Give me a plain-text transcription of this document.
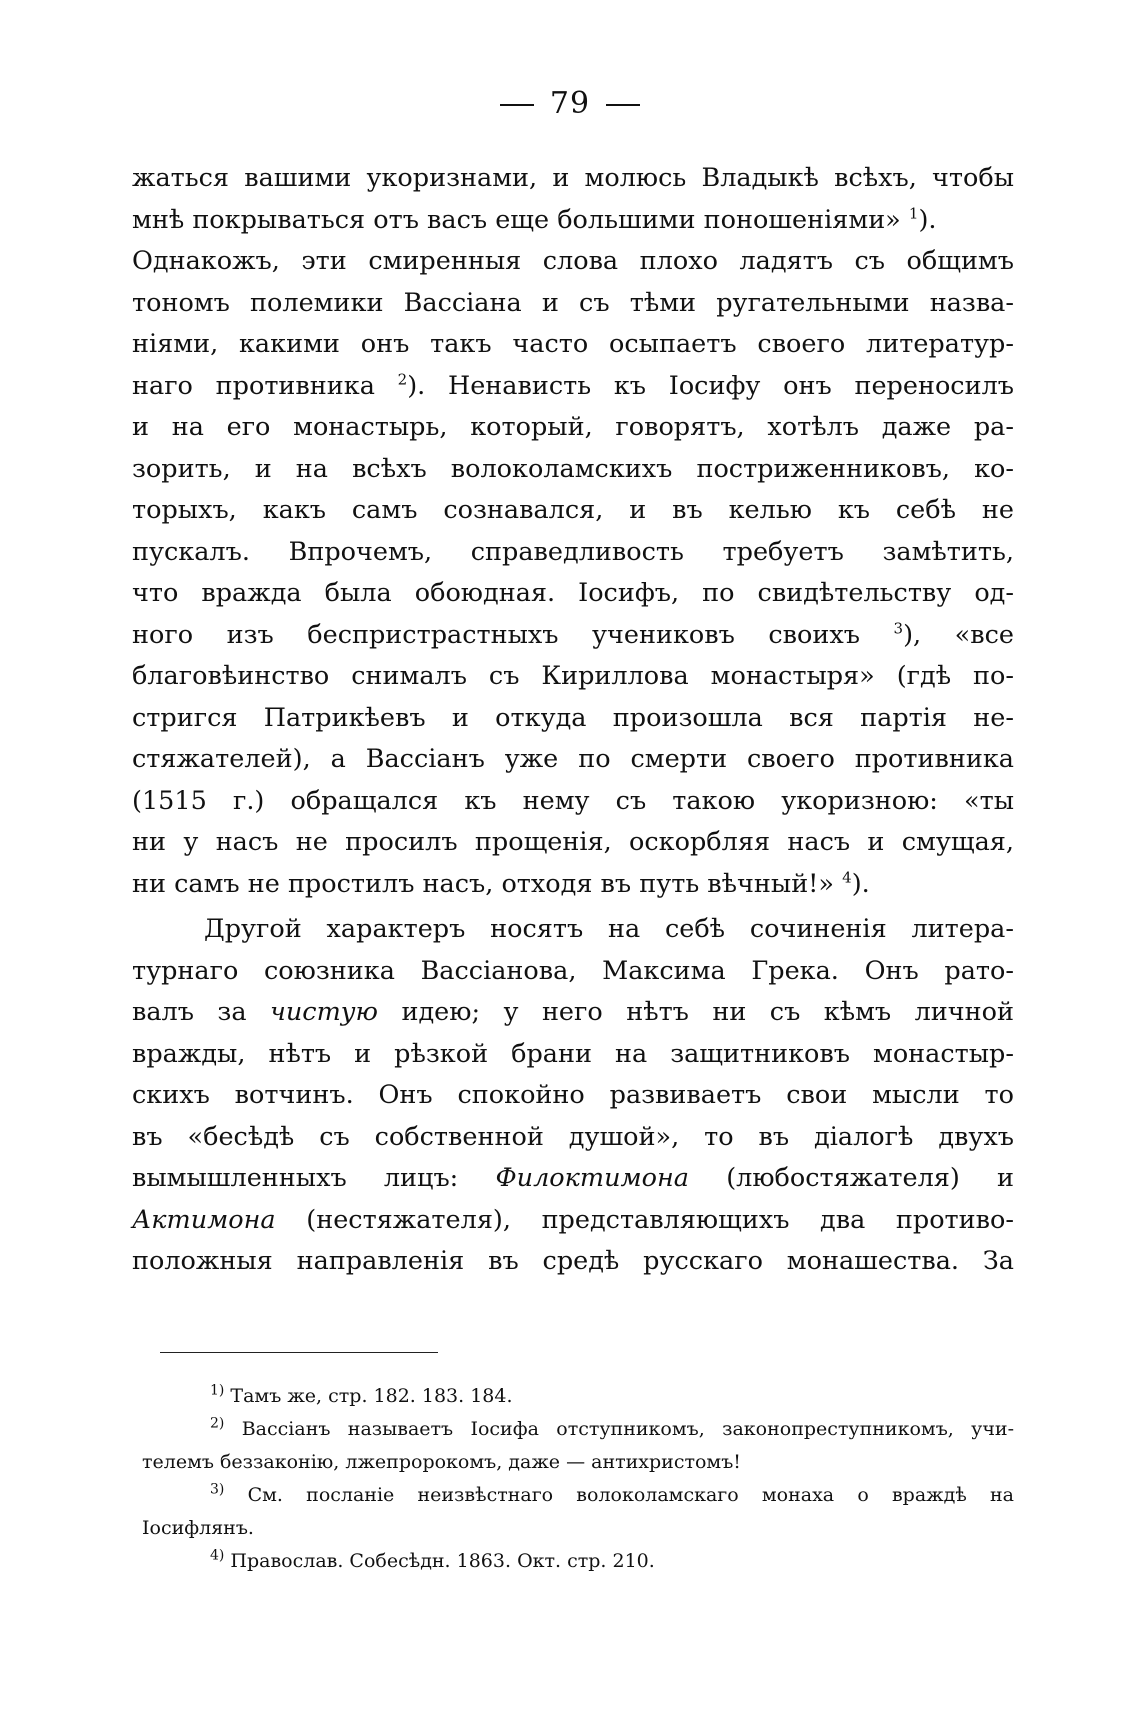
79
жаться вашими укоризнами, и молюсь Владыкѣ всѣхъ, чтобы
мнѣ покрываться отъ васъ еще большими поношеніями» $^1$).
Однакожъ, эти смиренныя слова плохо ладятъ съ общимъ
тономъ полемики Вассіана и съ тѣми ругательными назва-
ніями, какими онъ такъ часто осыпаетъ своего литератур-
наго противника $^2$). Ненависть къ Іосифу онъ переносилъ
и на его монастырь, который, говорятъ, хотѣлъ даже ра-
зорить, и на всѣхъ волоколамскихъ постриженниковъ, ко-
торыхъ, какъ самъ сознавался, и въ келью къ себѣ не
пускалъ. Впрочемъ, справедливость требуетъ замѣтить,
что вражда была обоюдная. Іосифъ, по свидѣтельству од-
ного изъ беспристрастныхъ учениковъ своихъ $^3$), «все
благовѣинство снималъ съ Кириллова монастыря» (гдѣ по-
стригся Патрикѣевъ и откуда произошла вся партія не-
стяжателей), а Вассіанъ уже по смерти своего противника
(1515 г.) обращался къ нему съ такою укоризною: «ты
ни у насъ не просилъ прощенія, оскорбляя насъ и смущая,
ни самъ не простилъ насъ, отходя въ путь вѣчный!» $^4$).
Другой характеръ носятъ на себѣ сочиненія литера-
турнаго союзника Вассіанова, Максима Грека. Онъ рато-
валъ за чистую идею; у него нѣтъ ни съ кѣмъ личной
вражды, нѣтъ и рѣзкой брани на защитниковъ монастыр-
скихъ вотчинъ. Онъ спокойно развиваетъ свои мысли то
въ «бесѣдѣ съ собственной душой», то въ діалогѣ двухъ
вымышленныхъ лицъ: Филоктимона (любостяжателя) и
Актимона (нестяжателя), представляющихъ два противо-
положныя направленія въ средѣ русскаго монашества. За
$^{1)}$ Тамъ же, стр. 182. 183. 184.
$^{2)}$ Вассіанъ называетъ Іосифа отступникомъ, законопреступникомъ, учи-
телемъ беззаконію, лжепророкомъ, даже — антихристомъ!
$^{3)}$ См. посланіе неизвѣстнаго волоколамскаго монаха о враждѣ на
Іосифлянъ.
$^{4)}$ Православ. Собесѣдн. 1863. Окт. стр. 210.
